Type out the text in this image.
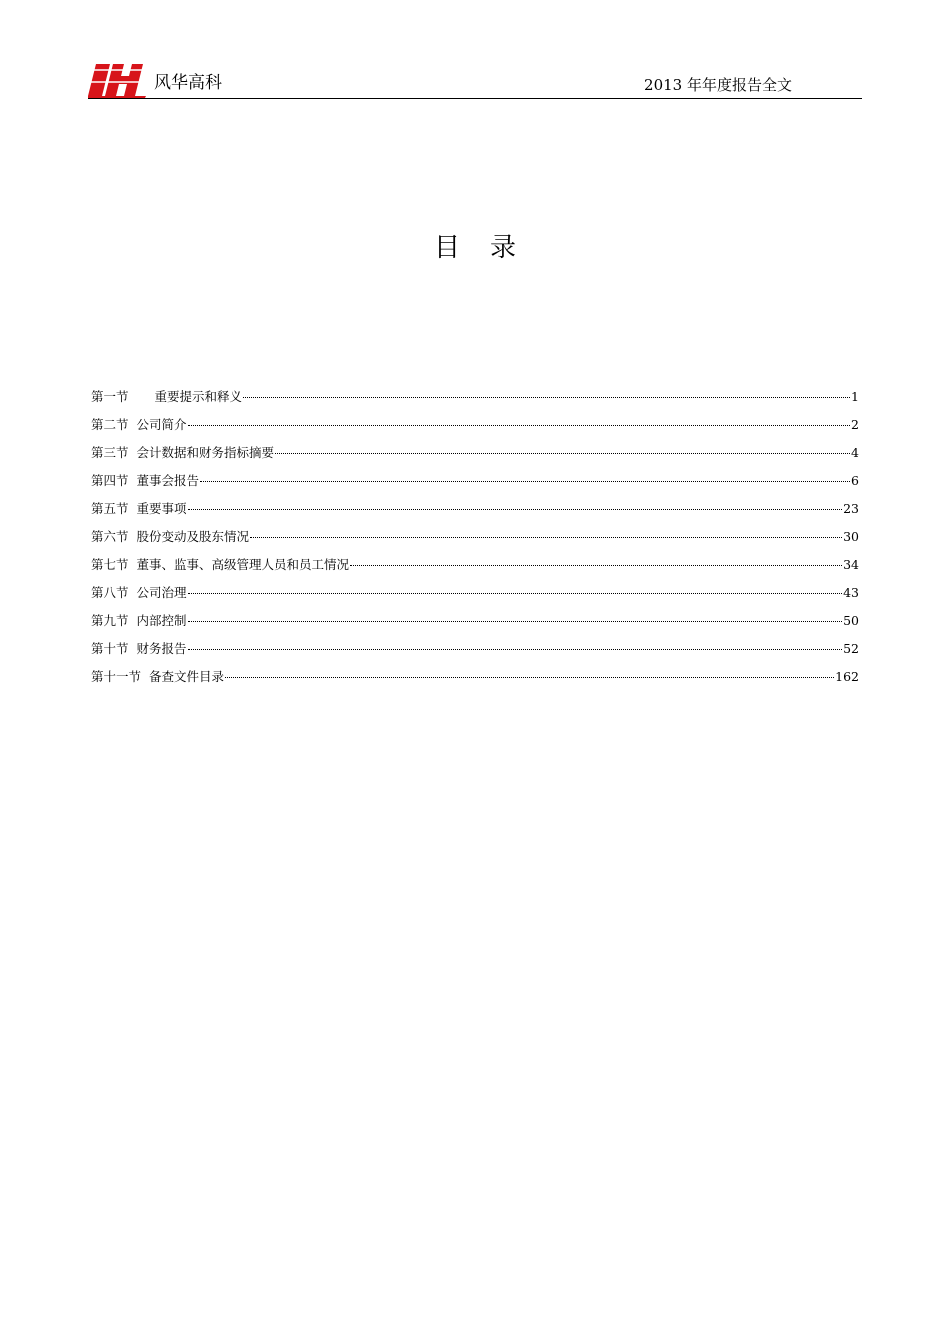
风华高科	2013 年年度报告全文
目录
第一节 重要提示和释义	1
第二节 公司简介	2
第三节 会计数据和财务指标摘要	4
第四节 董事会报告	6
第五节 重要事项	23
第六节 股份变动及股东情况	30
第七节 董事、监事、高级管理人员和员工情况	34
第八节 公司治理	43
第九节 内部控制	50
第十节 财务报告	52
第十一节 备查文件目录	162
